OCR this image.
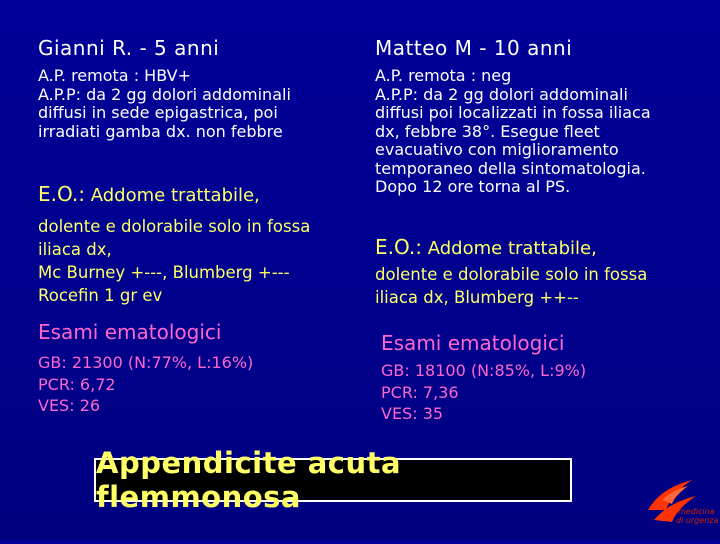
Gianni R. - 5 anni
A.P. remota : HBV+
A.P.P: da 2 gg dolori addominali
diffusi in sede epigastrica, poi
irradiati gamba dx. non febbre
E.O.: Addome trattabile,
dolente e dolorabile solo in fossa
iliaca dx,
Mc Burney +---, Blumberg +---
Rocefin 1 gr ev
Esami ematologici
GB: 21300 (N:77%, L:16%)
PCR: 6,72
VES: 26
Matteo M - 10 anni
A.P. remota : neg
A.P.P: da 2 gg dolori addominali
diffusi poi localizzati in fossa iliaca
dx, febbre 38°. Esegue fleet
evacuativo con miglioramento
temporaneo della sintomatologia.
Dopo 12 ore torna al PS.
E.O.: Addome trattabile,
dolente e dolorabile solo in fossa
iliaca dx, Blumberg ++--
Esami ematologici
GB: 18100 (N:85%, L:9%)
PCR: 7,36
VES: 35
Appendicite acuta flemmonosa	medicina
di urgenza
